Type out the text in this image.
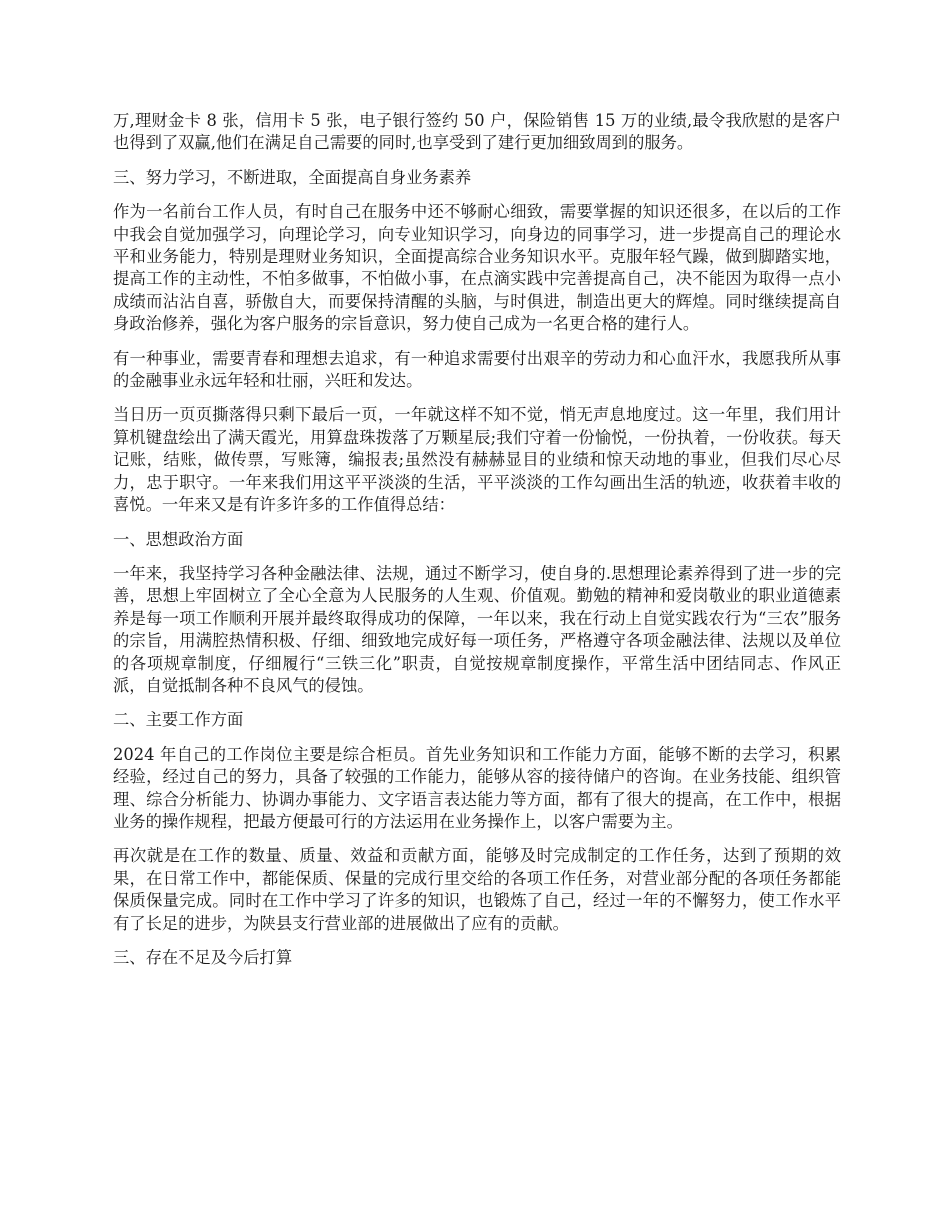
万,理财金卡 8 张，信用卡 5 张，电子银行签约 50 户，保险销售 15 万的业绩,最令我欣慰的是客户也得到了双赢,他们在满足自己需要的同时,也享受到了建行更加细致周到的服务。

三、努力学习，不断进取，全面提高自身业务素养

作为一名前台工作人员，有时自己在服务中还不够耐心细致，需要掌握的知识还很多，在以后的工作中我会自觉加强学习，向理论学习，向专业知识学习，向身边的同事学习，进一步提高自己的理论水平和业务能力，特别是理财业务知识，全面提高综合业务知识水平。克服年轻气躁，做到脚踏实地，提高工作的主动性，不怕多做事，不怕做小事，在点滴实践中完善提高自己，决不能因为取得一点小成绩而沾沾自喜，骄傲自大，而要保持清醒的头脑，与时俱进，制造出更大的辉煌。同时继续提高自身政治修养，强化为客户服务的宗旨意识，努力使自己成为一名更合格的建行人。

有一种事业，需要青春和理想去追求，有一种追求需要付出艰辛的劳动力和心血汗水，我愿我所从事的金融事业永远年轻和壮丽，兴旺和发达。

当日历一页页撕落得只剩下最后一页，一年就这样不知不觉，悄无声息地度过。这一年里，我们用计算机键盘绘出了满天霞光，用算盘珠拨落了万颗星辰;我们守着一份愉悦，一份执着，一份收获。每天记账，结账，做传票，写账簿，编报表;虽然没有赫赫显目的业绩和惊天动地的事业，但我们尽心尽力，忠于职守。一年来我们用这平平淡淡的生活，平平淡淡的工作勾画出生活的轨迹，收获着丰收的喜悦。一年来又是有许多许多的工作值得总结：

一、思想政治方面

一年来，我坚持学习各种金融法律、法规，通过不断学习，使自身的.思想理论素养得到了进一步的完善，思想上牢固树立了全心全意为人民服务的人生观、价值观。勤勉的精神和爱岗敬业的职业道德素养是每一项工作顺利开展并最终取得成功的保障，一年以来，我在行动上自觉实践农行为“三农”服务的宗旨，用满腔热情积极、仔细、细致地完成好每一项任务，严格遵守各项金融法律、法规以及单位的各项规章制度，仔细履行“三铁三化”职责，自觉按规章制度操作，平常生活中团结同志、作风正派，自觉抵制各种不良风气的侵蚀。

二、主要工作方面

2024 年自己的工作岗位主要是综合柜员。首先业务知识和工作能力方面，能够不断的去学习，积累经验，经过自己的努力，具备了较强的工作能力，能够从容的接待储户的咨询。在业务技能、组织管理、综合分析能力、协调办事能力、文字语言表达能力等方面，都有了很大的提高，在工作中，根据业务的操作规程，把最方便最可行的方法运用在业务操作上，以客户需要为主。

再次就是在工作的数量、质量、效益和贡献方面，能够及时完成制定的工作任务，达到了预期的效果，在日常工作中，都能保质、保量的完成行里交给的各项工作任务，对营业部分配的各项任务都能保质保量完成。同时在工作中学习了许多的知识，也锻炼了自己，经过一年的不懈努力，使工作水平有了长足的进步，为陕县支行营业部的进展做出了应有的贡献。

三、存在不足及今后打算
